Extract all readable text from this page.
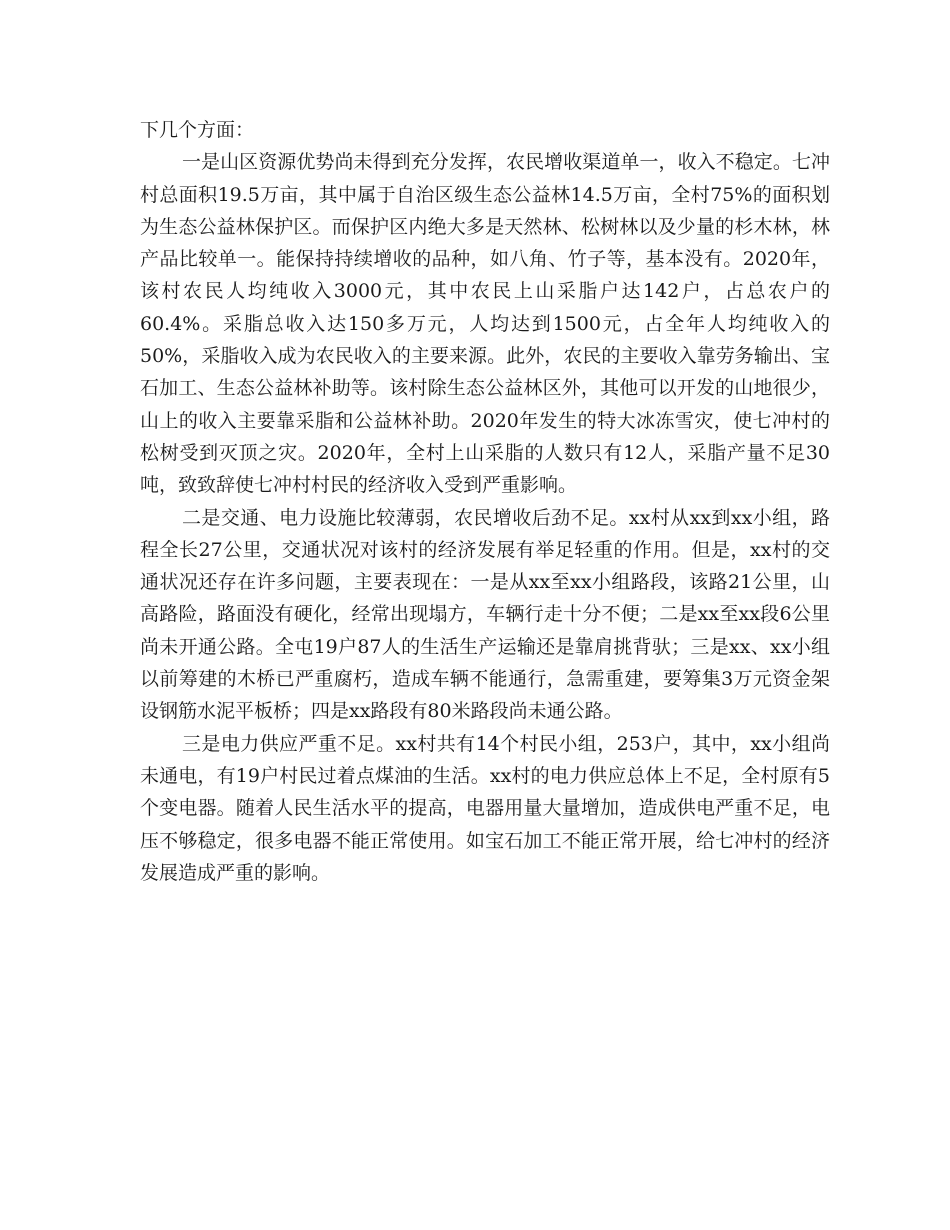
下几个方面：

一是山区资源优势尚未得到充分发挥，农民增收渠道单一，收入不稳定。七冲村总面积19.5万亩，其中属于自治区级生态公益林14.5万亩，全村75%的面积划为生态公益林保护区。而保护区内绝大多是天然林、松树林以及少量的杉木林，林产品比较单一。能保持持续增收的品种，如八角、竹子等，基本没有。2020年，该村农民人均纯收入3000元，其中农民上山采脂户达142户，占总农户的60.4%。采脂总收入达150多万元，人均达到1500元，占全年人均纯收入的50%，采脂收入成为农民收入的主要来源。此外，农民的主要收入靠劳务输出、宝石加工、生态公益林补助等。该村除生态公益林区外，其他可以开发的山地很少，山上的收入主要靠采脂和公益林补助。2020年发生的特大冰冻雪灾，使七冲村的松树受到灭顶之灾。2020年，全村上山采脂的人数只有12人，采脂产量不足30吨，致致辞使七冲村村民的经济收入受到严重影响。

二是交通、电力设施比较薄弱，农民增收后劲不足。xx村从xx到xx小组，路程全长27公里，交通状况对该村的经济发展有举足轻重的作用。但是，xx村的交通状况还存在许多问题，主要表现在：一是从xx至xx小组路段，该路21公里，山高路险，路面没有硬化，经常出现塌方，车辆行走十分不便；二是xx至xx段6公里尚未开通公路。全屯19户87人的生活生产运输还是靠肩挑背驮；三是xx、xx小组以前筹建的木桥已严重腐朽，造成车辆不能通行，急需重建，要筹集3万元资金架设钢筋水泥平板桥；四是xx路段有80米路段尚未通公路。

三是电力供应严重不足。xx村共有14个村民小组，253户，其中，xx小组尚未通电，有19户村民过着点煤油的生活。xx村的电力供应总体上不足，全村原有5个变电器。随着人民生活水平的提高，电器用量大量增加，造成供电严重不足，电压不够稳定，很多电器不能正常使用。如宝石加工不能正常开展，给七冲村的经济发展造成严重的影响。
